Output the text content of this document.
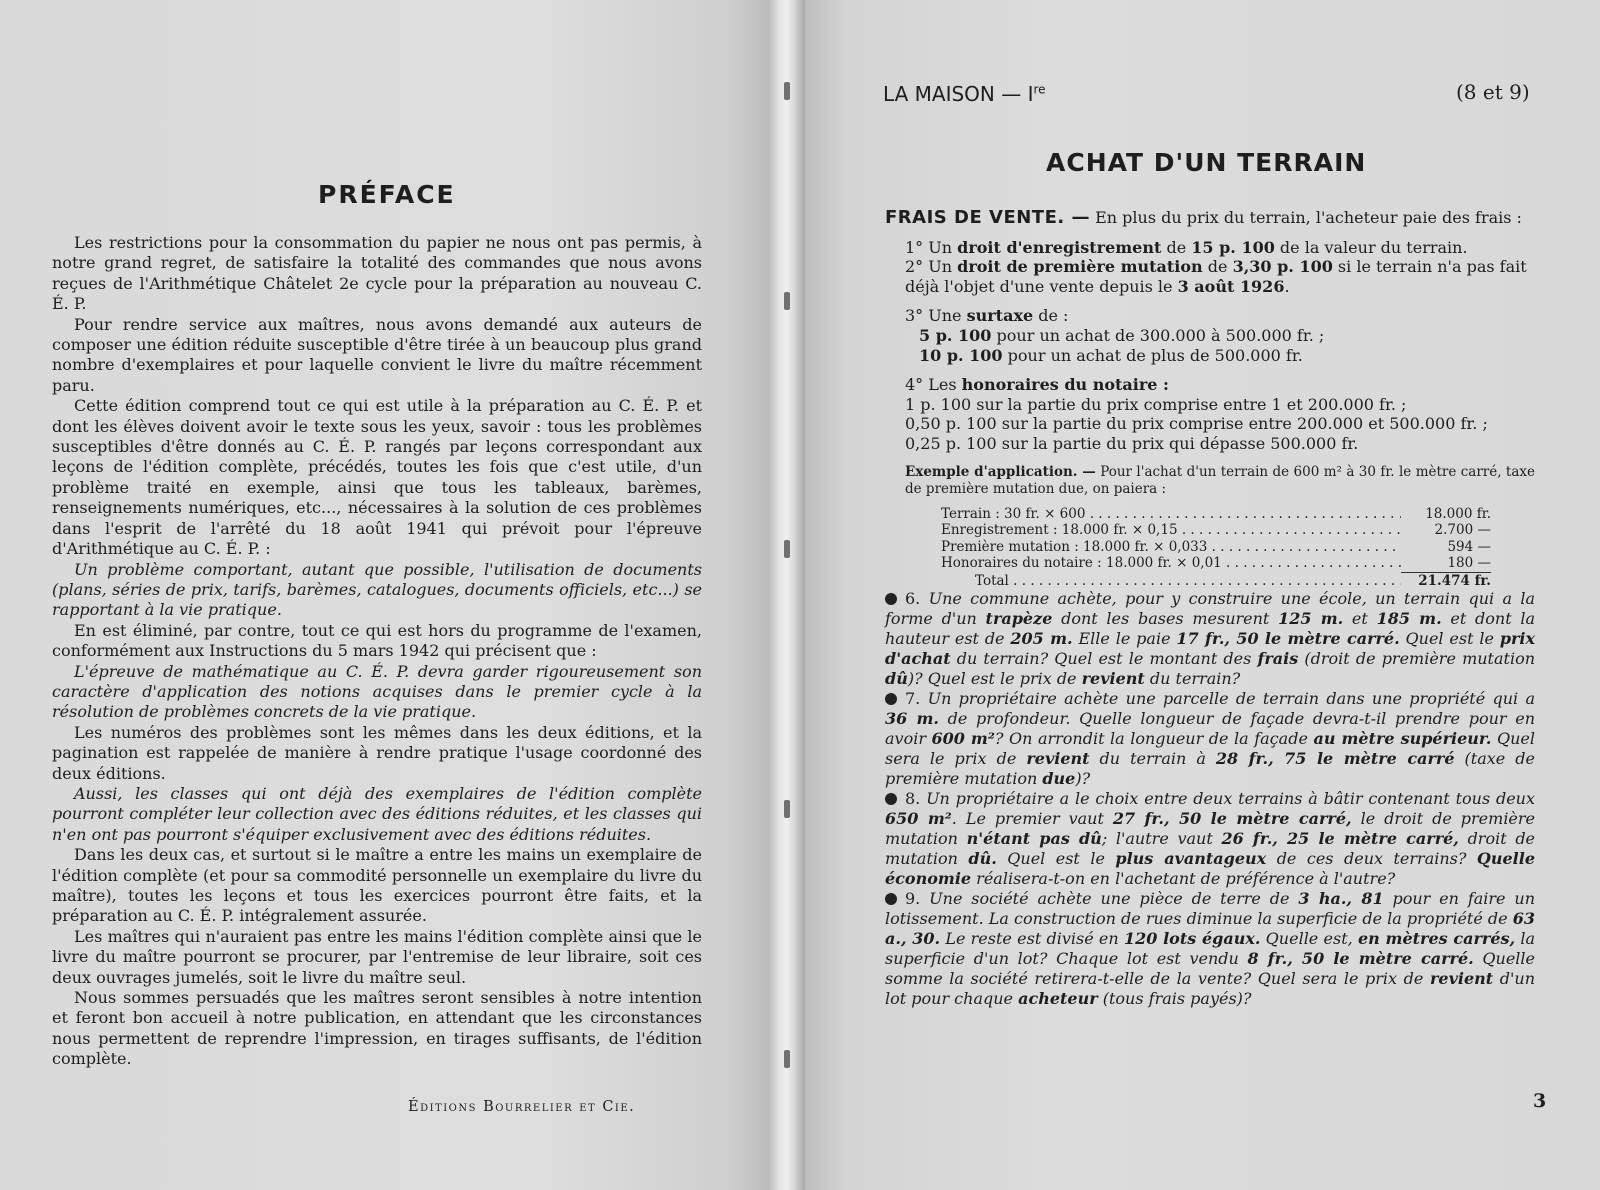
PRÉFACE

Les restrictions pour la consommation du papier ne nous ont pas permis, à notre grand regret, de satisfaire la totalité des commandes que nous avons reçues de l'Arithmétique Châtelet 2e cycle pour la préparation au nouveau C. É. P.

Pour rendre service aux maîtres, nous avons demandé aux auteurs de composer une édition réduite susceptible d'être tirée à un beaucoup plus grand nombre d'exemplaires et pour laquelle convient le livre du maître récemment paru.

Cette édition comprend tout ce qui est utile à la préparation au C. É. P. et dont les élèves doivent avoir le texte sous les yeux, savoir : tous les problèmes susceptibles d'être donnés au C. É. P. rangés par leçons correspondant aux leçons de l'édition complète, précédés, toutes les fois que c'est utile, d'un problème traité en exemple, ainsi que tous les tableaux, barèmes, renseignements numériques, etc..., nécessaires à la solution de ces problèmes dans l'esprit de l'arrêté du 18 août 1941 qui prévoit pour l'épreuve d'Arithmétique au C. É. P. :

Un problème comportant, autant que possible, l'utilisation de documents (plans, séries de prix, tarifs, barèmes, catalogues, documents officiels, etc...) se rapportant à la vie pratique.

En est éliminé, par contre, tout ce qui est hors du programme de l'examen, conformément aux Instructions du 5 mars 1942 qui précisent que :

L'épreuve de mathématique au C. É. P. devra garder rigoureusement son caractère d'application des notions acquises dans le premier cycle à la résolution de problèmes concrets de la vie pratique.

Les numéros des problèmes sont les mêmes dans les deux éditions, et la pagination est rappelée de manière à rendre pratique l'usage coordonné des deux éditions.

Aussi, les classes qui ont déjà des exemplaires de l'édition complète pourront compléter leur collection avec des éditions réduites, et les classes qui n'en ont pas pourront s'équiper exclusivement avec des éditions réduites.

Dans les deux cas, et surtout si le maître a entre les mains un exemplaire de l'édition complète (et pour sa commodité personnelle un exemplaire du livre du maître), toutes les leçons et tous les exercices pourront être faits, et la préparation au C. É. P. intégralement assurée.

Les maîtres qui n'auraient pas entre les mains l'édition complète ainsi que le livre du maître pourront se procurer, par l'entremise de leur libraire, soit ces deux ouvrages jumelés, soit le livre du maître seul.

Nous sommes persuadés que les maîtres seront sensibles à notre intention et feront bon accueil à notre publication, en attendant que les circonstances nous permettent de reprendre l'impression, en tirages suffisants, de l'édition complète.

Éditions Bourrelier et Cie.
LA MAISON — Ire	(8 et 9)
ACHAT D'UN TERRAIN

FRAIS DE VENTE. — En plus du prix du terrain, l'acheteur paie des frais :

1° Un droit d'enregistrement de 15 p. 100 de la valeur du terrain.

2° Un droit de première mutation de 3,30 p. 100 si le terrain n'a pas fait déjà l'objet d'une vente depuis le 3 août 1926.

3° Une surtaxe de :

5 p. 100 pour un achat de 300.000 à 500.000 fr. ;

10 p. 100 pour un achat de plus de 500.000 fr.

4° Les honoraires du notaire :

1 p. 100 sur la partie du prix comprise entre 1 et 200.000 fr. ;

0,50 p. 100 sur la partie du prix comprise entre 200.000 et 500.000 fr. ;

0,25 p. 100 sur la partie du prix qui dépasse 500.000 fr.

Exemple d'application. — Pour l'achat d'un terrain de 600 m² à 30 fr. le mètre carré, taxe de première mutation due, on paiera :

Terrain : 30 fr. × 600 . . .	18.000 fr.
Enregistrement : 18.000 fr. × 0,15 . . .	2.700 —
Première mutation : 18.000 fr. × 0,033 . . .	594 —
Honoraires du notaire : 18.000 fr. × 0,01 . . .	180 —
Total . . .	21.474 fr.

6. Une commune achète, pour y construire une école, un terrain qui a la forme d'un trapèze dont les bases mesurent 125 m. et 185 m. et dont la hauteur est de 205 m. Elle le paie 17 fr., 50 le mètre carré. Quel est le prix d'achat du terrain? Quel est le montant des frais (droit de première mutation dû)? Quel est le prix de revient du terrain?

7. Un propriétaire achète une parcelle de terrain dans une propriété qui a 36 m. de profondeur. Quelle longueur de façade devra-t-il prendre pour en avoir 600 m²? On arrondit la longueur de la façade au mètre supérieur. Quel sera le prix de revient du terrain à 28 fr., 75 le mètre carré (taxe de première mutation due)?

8. Un propriétaire a le choix entre deux terrains à bâtir contenant tous deux 650 m². Le premier vaut 27 fr., 50 le mètre carré, le droit de première mutation n'étant pas dû; l'autre vaut 26 fr., 25 le mètre carré, droit de mutation dû. Quel est le plus avantageux de ces deux terrains? Quelle économie réalisera-t-on en l'achetant de préférence à l'autre?

9. Une société achète une pièce de terre de 3 ha., 81 pour en faire un lotissement. La construction de rues diminue la superficie de la propriété de 63 a., 30. Le reste est divisé en 120 lots égaux. Quelle est, en mètres carrés, la superficie d'un lot? Chaque lot est vendu 8 fr., 50 le mètre carré. Quelle somme la société retirera-t-elle de la vente? Quel sera le prix de revient d'un lot pour chaque acheteur (tous frais payés)?

3
